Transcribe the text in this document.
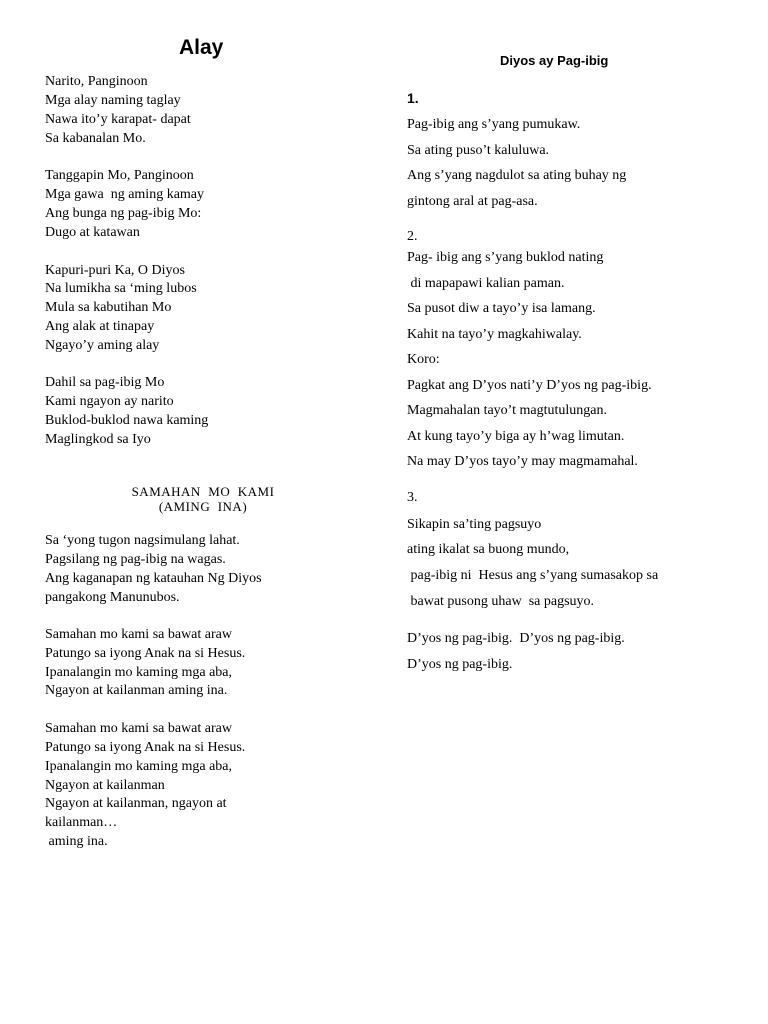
Alay
Narito, Panginoon
Mga alay naming taglay
Nawa ito’y karapat- dapat
Sa kabanalan Mo.
Tanggapin Mo, Panginoon
Mga gawa  ng aming kamay
Ang bunga ng pag-ibig Mo:
Dugo at katawan
Kapuri-puri Ka, O Diyos
Na lumikha sa ‘ming lubos
Mula sa kabutihan Mo
Ang alak at tinapay
Ngayo’y aming alay
Dahil sa pag-ibig Mo
Kami ngayon ay narito
Buklod-buklod nawa kaming
Maglingkod sa Iyo
SAMAHAN  MO  KAMI
(AMING  INA)
Sa ‘yong tugon nagsimulang lahat.
Pagsilang ng pag-ibig na wagas.
Ang kaganapan ng katauhan Ng Diyos
pangakong Manunubos.
Samahan mo kami sa bawat araw
Patungo sa iyong Anak na si Hesus.
Ipanalangin mo kaming mga aba,
Ngayon at kailanman aming ina.
Samahan mo kami sa bawat araw
Patungo sa iyong Anak na si Hesus.
Ipanalangin mo kaming mga aba,
Ngayon at kailanman
Ngayon at kailanman, ngayon at
kailanman…
aming ina.
Diyos ay Pag-ibig
1.
Pag-ibig ang s’yang pumukaw.
Sa ating puso’t kaluluwa.
Ang s’yang nagdulot sa ating buhay ng
gintong aral at pag-asa.
2.
Pag- ibig ang s’yang buklod nating
di mapapawi kalian paman.
Sa pusot diw a tayo’y isa lamang.
Kahit na tayo’y magkahiwalay.
Koro:
Pagkat ang D’yos nati’y D’yos ng pag-ibig.
Magmahalan tayo’t magtutulungan.
At kung tayo’y biga ay h’wag limutan.
Na may D’yos tayo’y may magmamahal.
3.
Sikapin sa’ting pagsuyo
ating ikalat sa buong mundo,
pag-ibig ni  Hesus ang s’yang sumasakop sa
bawat pusong uhaw  sa pagsuyo.
D’yos ng pag-ibig.  D’yos ng pag-ibig.
D’yos ng pag-ibig.
